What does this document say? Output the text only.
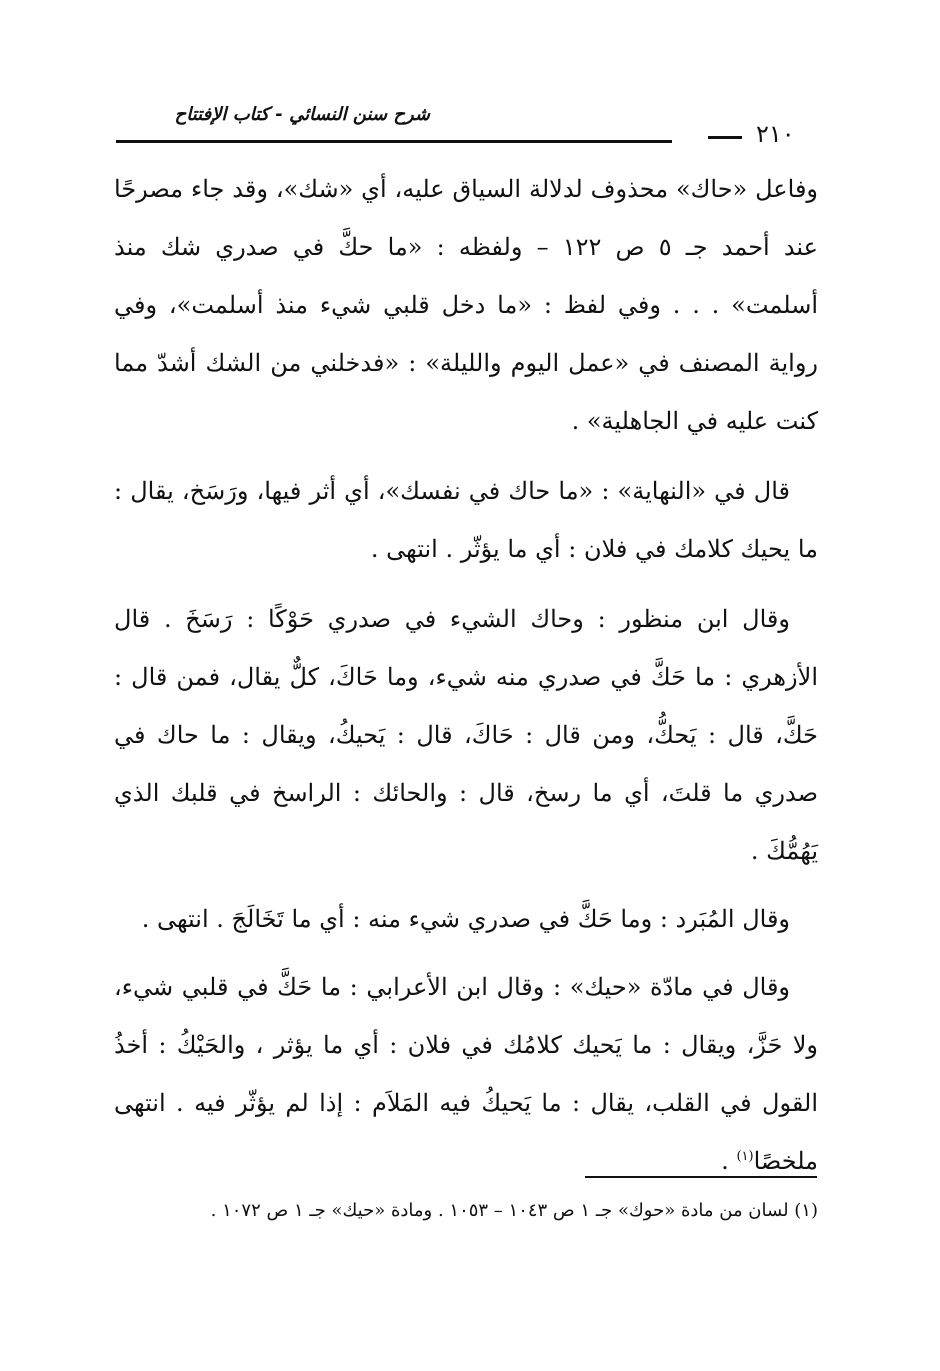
شرح سنن النسائي - كتاب الإفتتاح
٢١٠

وفاعل «حاك» محذوف لدلالة السياق عليه، أي «شك»، وقد جاء مصرحًا عند أحمد جـ ٥ ص ١٢٢ – ولفظه : «ما حكَّ في صدري شك منذ أسلمت» . . . وفي لفظ : «ما دخل قلبي شيء منذ أسلمت»، وفي رواية المصنف في «عمل اليوم والليلة» : «فدخلني من الشك أشدّ مما كنت عليه في الجاهلية» .

قال في «النهاية» : «ما حاك في نفسك»، أي أثر فيها، ورَسَخ، يقال : ما يحيك كلامك في فلان : أي ما يؤثّر . انتهى .

وقال ابن منظور : وحاك الشيء في صدري حَوْكًا : رَسَخَ . قال الأزهري : ما حَكَّ في صدري منه شيء، وما حَاكَ، كلٌّ يقال، فمن قال : حَكَّ، قال : يَحكُّ، ومن قال : حَاكَ، قال : يَحيكُ، ويقال : ما حاك في صدري ما قلتَ، أي ما رسخ، قال : والحائك : الراسخ في قلبك الذي يَهُمُّكَ .

وقال المُبَرد : وما حَكَّ في صدري شيء منه : أي ما تَخَالَجَ . انتهى .

وقال في مادّة «حيك» : وقال ابن الأعرابي : ما حَكَّ في قلبي شيء، ولا حَزَّ، ويقال : ما يَحيك كلامُك في فلان : أي ما يؤثر ، والحَيْكُ : أخذُ القول في القلب، يقال : ما يَحيكُ فيه المَلاَم : إذا لم يؤثّر فيه . انتهى ملخصًا$^{(١)}$ .

(١) لسان من مادة «حوك» جـ ١ ص ١٠٤٣ – ١٠٥٣ . ومادة «حيك» جـ ١ ص ١٠٧٢ .
